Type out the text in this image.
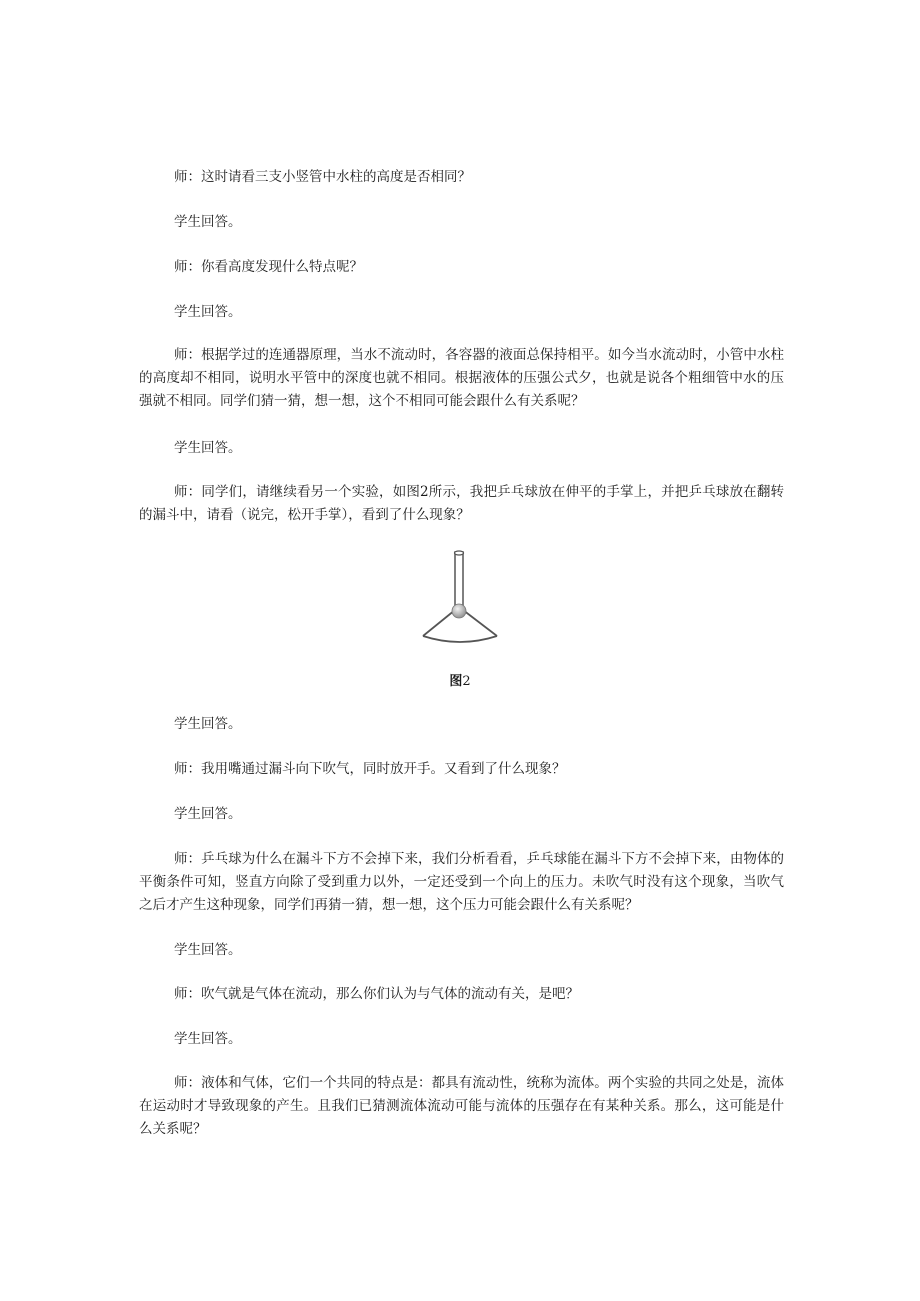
师：这时请看三支小竖管中水柱的高度是否相同？

学生回答。

师：你看高度发现什么特点呢？

学生回答。

师：根据学过的连通器原理，当水不流动时，各容器的液面总保持相平。如今当水流动时，小管中水柱的高度却不相同，说明水平管中的深度也就不相同。根据液体的压强公式夕，也就是说各个粗细管中水的压强就不相同。同学们猜一猜，想一想，这个不相同可能会跟什么有关系呢？

学生回答。

师：同学们，请继续看另一个实验，如图2所示，我把乒乓球放在伸平的手掌上，并把乒乓球放在翻转的漏斗中，请看（说完，松开手掌），看到了什么现象？

图2

学生回答。

师：我用嘴通过漏斗向下吹气，同时放开手。又看到了什么现象？

学生回答。

师：乒乓球为什么在漏斗下方不会掉下来，我们分析看看，乒乓球能在漏斗下方不会掉下来，由物体的平衡条件可知，竖直方向除了受到重力以外，一定还受到一个向上的压力。未吹气时没有这个现象，当吹气之后才产生这种现象，同学们再猜一猜，想一想，这个压力可能会跟什么有关系呢？

学生回答。

师：吹气就是气体在流动，那么你们认为与气体的流动有关，是吧？

学生回答。

师：液体和气体，它们一个共同的特点是：都具有流动性，统称为流体。两个实验的共同之处是，流体在运动时才导致现象的产生。且我们已猜测流体流动可能与流体的压强存在有某种关系。那么，这可能是什么关系呢？
